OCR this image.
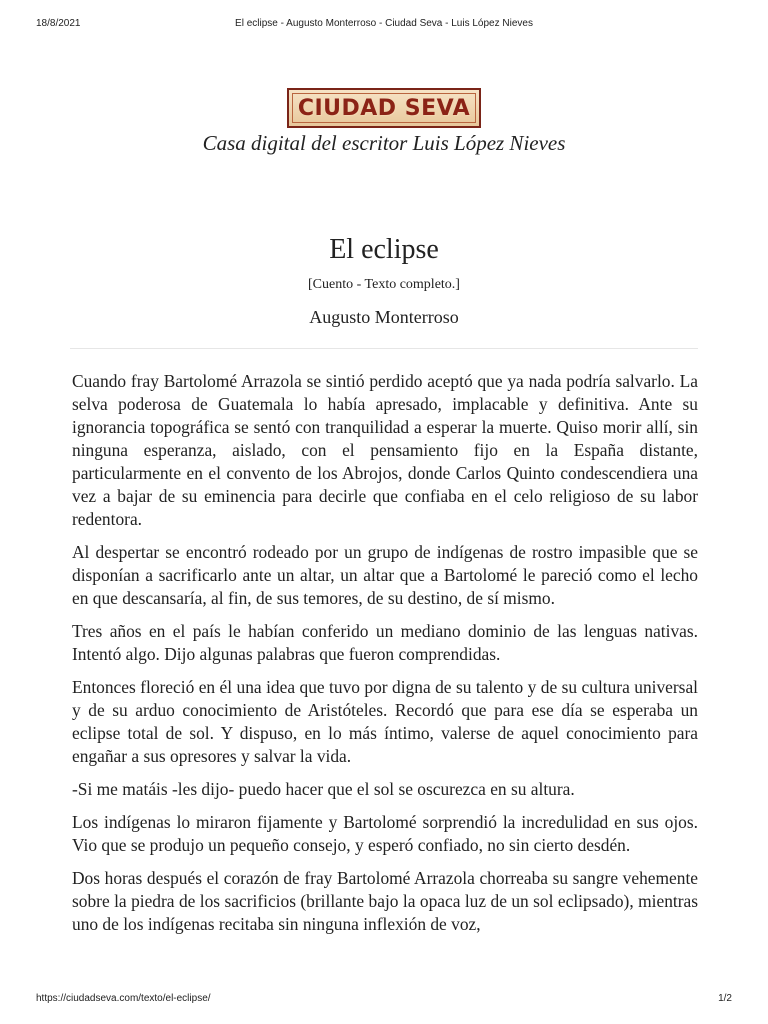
18/8/2021	El eclipse - Augusto Monterroso - Ciudad Seva - Luis López Nieves
CIUDAD SEVA
Casa digital del escritor Luis López Nieves
El eclipse
[Cuento - Texto completo.]
Augusto Monterroso

Cuando fray Bartolomé Arrazola se sintió perdido aceptó que ya nada podría salvarlo. La selva poderosa de Guatemala lo había apresado, implacable y definitiva. Ante su ignorancia topográfica se sentó con tranquilidad a esperar la muerte. Quiso morir allí, sin ninguna esperanza, aislado, con el pensamiento fijo en la España distante, particularmente en el convento de los Abrojos, donde Carlos Quinto condescendiera una vez a bajar de su eminencia para decirle que confiaba en el celo religioso de su labor redentora.

Al despertar se encontró rodeado por un grupo de indígenas de rostro impasible que se disponían a sacrificarlo ante un altar, un altar que a Bartolomé le pareció como el lecho en que descansaría, al fin, de sus temores, de su destino, de sí mismo.

Tres años en el país le habían conferido un mediano dominio de las lenguas nativas. Intentó algo. Dijo algunas palabras que fueron comprendidas.

Entonces floreció en él una idea que tuvo por digna de su talento y de su cultura universal y de su arduo conocimiento de Aristóteles. Recordó que para ese día se esperaba un eclipse total de sol. Y dispuso, en lo más íntimo, valerse de aquel conocimiento para engañar a sus opresores y salvar la vida.

-Si me matáis -les dijo- puedo hacer que el sol se oscurezca en su altura.

Los indígenas lo miraron fijamente y Bartolomé sorprendió la incredulidad en sus ojos. Vio que se produjo un pequeño consejo, y esperó confiado, no sin cierto desdén.

Dos horas después el corazón de fray Bartolomé Arrazola chorreaba su sangre vehemente sobre la piedra de los sacrificios (brillante bajo la opaca luz de un sol eclipsado), mientras uno de los indígenas recitaba sin ninguna inflexión de voz,

https://ciudadseva.com/texto/el-eclipse/	1/2
